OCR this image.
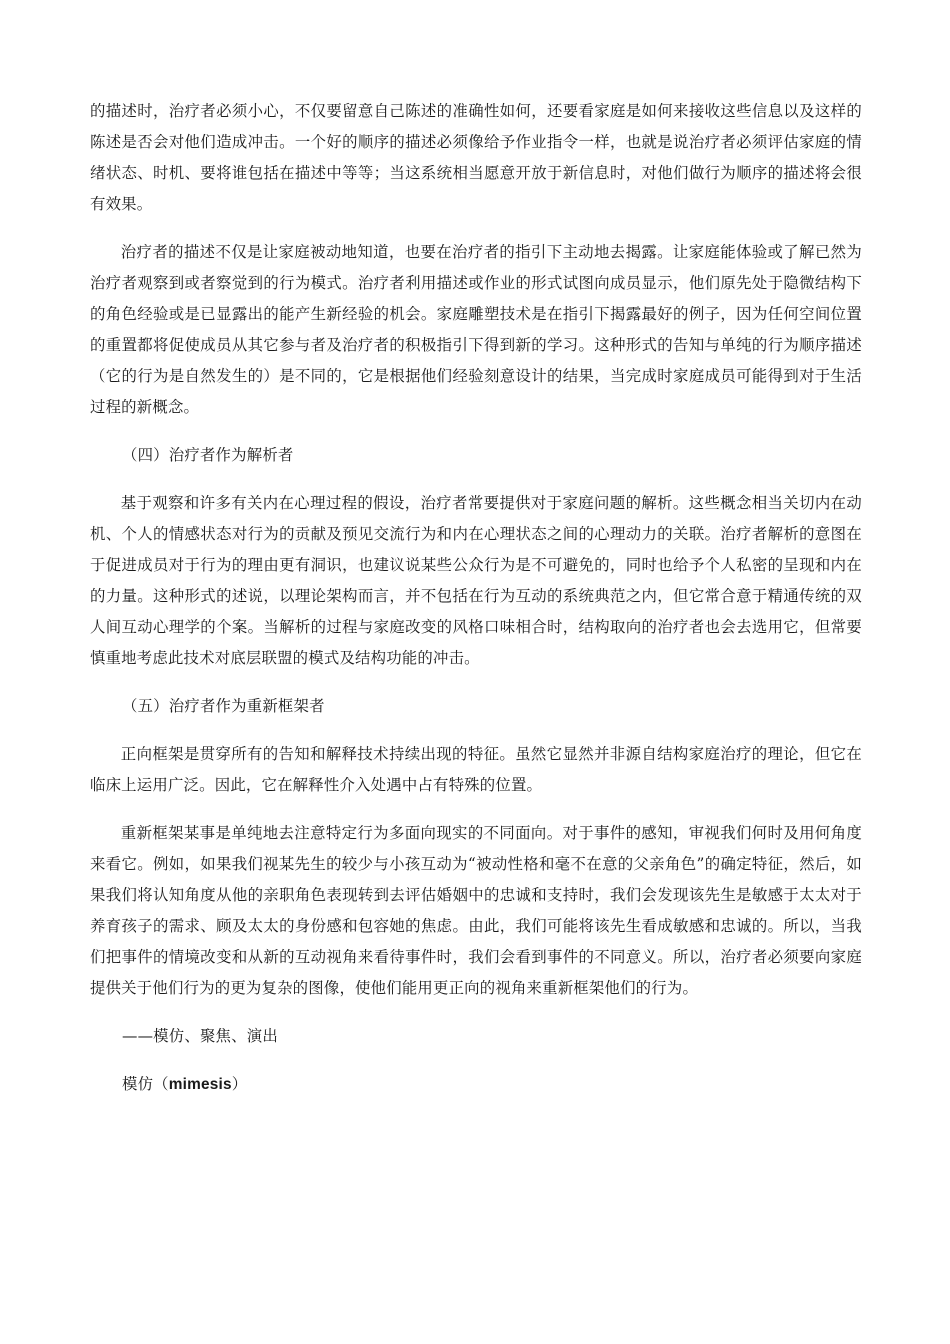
的描述时，治疗者必须小心，不仅要留意自己陈述的准确性如何，还要看家庭是如何来接收这些信息以及这样的陈述是否会对他们造成冲击。一个好的顺序的描述必须像给予作业指令一样，也就是说治疗者必须评估家庭的情绪状态、时机、要将谁包括在描述中等等；当这系统相当愿意开放于新信息时，对他们做行为顺序的描述将会很有效果。

治疗者的描述不仅是让家庭被动地知道，也要在治疗者的指引下主动地去揭露。让家庭能体验或了解已然为治疗者观察到或者察觉到的行为模式。治疗者利用描述或作业的形式试图向成员显示，他们原先处于隐微结构下的角色经验或是已显露出的能产生新经验的机会。家庭雕塑技术是在指引下揭露最好的例子，因为任何空间位置的重置都将促使成员从其它参与者及治疗者的积极指引下得到新的学习。这种形式的告知与单纯的行为顺序描述（它的行为是自然发生的）是不同的，它是根据他们经验刻意设计的结果，当完成时家庭成员可能得到对于生活过程的新概念。

（四）治疗者作为解析者

基于观察和许多有关内在心理过程的假设，治疗者常要提供对于家庭问题的解析。这些概念相当关切内在动机、个人的情感状态对行为的贡献及预见交流行为和内在心理状态之间的心理动力的关联。治疗者解析的意图在于促进成员对于行为的理由更有洞识，也建议说某些公众行为是不可避免的，同时也给予个人私密的呈现和内在的力量。这种形式的述说，以理论架构而言，并不包括在行为互动的系统典范之内，但它常合意于精通传统的双人间互动心理学的个案。当解析的过程与家庭改变的风格口味相合时，结构取向的治疗者也会去选用它，但常要慎重地考虑此技术对底层联盟的模式及结构功能的冲击。

（五）治疗者作为重新框架者

正向框架是贯穿所有的告知和解释技术持续出现的特征。虽然它显然并非源自结构家庭治疗的理论，但它在临床上运用广泛。因此，它在解释性介入处遇中占有特殊的位置。

重新框架某事是单纯地去注意特定行为多面向现实的不同面向。对于事件的感知，审视我们何时及用何角度来看它。例如，如果我们视某先生的较少与小孩互动为“被动性格和毫不在意的父亲角色”的确定特征，然后，如果我们将认知角度从他的亲职角色表现转到去评估婚姻中的忠诚和支持时，我们会发现该先生是敏感于太太对于养育孩子的需求、顾及太太的身份感和包容她的焦虑。由此，我们可能将该先生看成敏感和忠诚的。所以，当我们把事件的情境改变和从新的互动视角来看待事件时，我们会看到事件的不同意义。所以，治疗者必须要向家庭提供关于他们行为的更为复杂的图像，使他们能用更正向的视角来重新框架他们的行为。

——模仿、聚焦、演出

模仿（mimesis）
